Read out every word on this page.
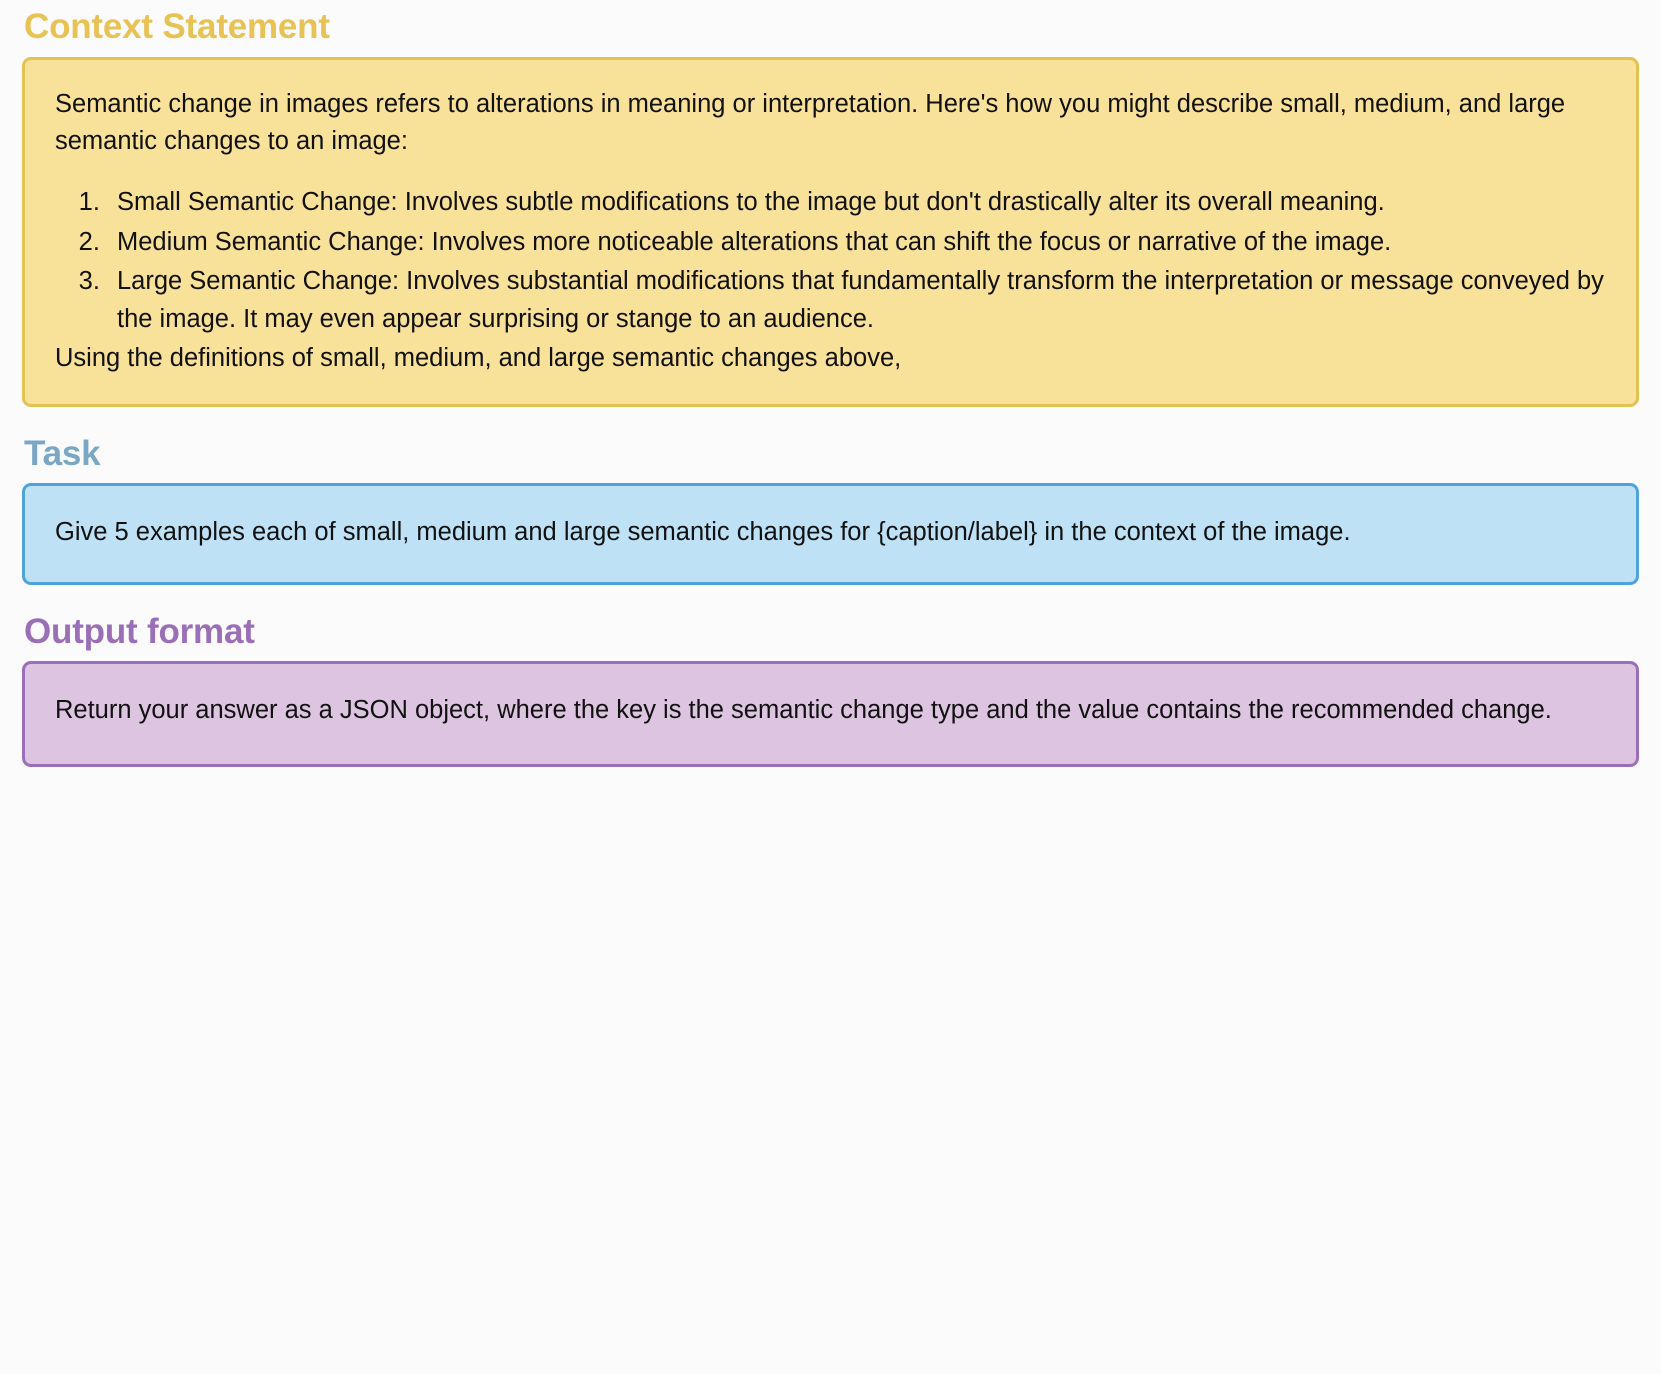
Context Statement

Semantic change in images refers to alterations in meaning or interpretation. Here's how you might describe small, medium, and large semantic changes to an image:

1. Small Semantic Change: Involves subtle modifications to the image but don't drastically alter its overall meaning.
2. Medium Semantic Change: Involves more noticeable alterations that can shift the focus or narrative of the image.
3. Large Semantic Change: Involves substantial modifications that fundamentally transform the interpretation or message conveyed by the image. It may even appear surprising or stange to an audience.

Using the definitions of small, medium, and large semantic changes above,

Task

Give 5 examples each of small, medium and large semantic changes for {caption/label} in the context of the image.

Output format

Return your answer as a JSON object, where the key is the semantic change type and the value contains the recommended change.
